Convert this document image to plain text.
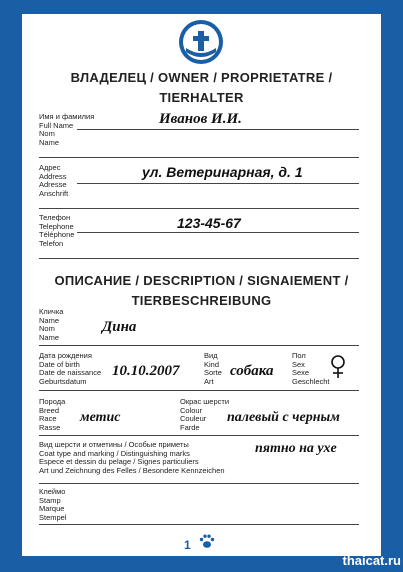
ВЛАДЕЛЕЦ / OWNER / PROPRIETATRE /
TIERHALTER
Имя и фамилия
Full Name
Nom
Name
Иванов И.И.
Адрес
Address
Adresse
Anschrift
ул. Ветеринарная, д. 1
Телефон
Telephone
Téléphone
Telefon
123-45-67
ОПИСАНИЕ / DESCRIPTION / SIGNAIEMENT /
TIERBESCHREIBUNG
Кличка
Name
Nom
Name
Дина
Дата рождения
Date of birth
Date de naissance
Geburtsdatum
10.10.2007
Вид
Kind
Sorte
Art
собака
Пол
Sex
Sexe
Geschlecht
Порода
Breed
Race
Rasse
метис
Окрас шерсти
Colour
Couleur
Farde
палевый с черным
Вид шерсти и отметины / Особые приметы
Coat type and marking / Distinguishing marks
Espece et dessin du pelage / Signes particuliers
Art und Zeichnung des Felles / Besondere Kennzeichen
пятно на ухе
Клеймо
Stamp
Marque
Stempel
1
thaicat.ru
